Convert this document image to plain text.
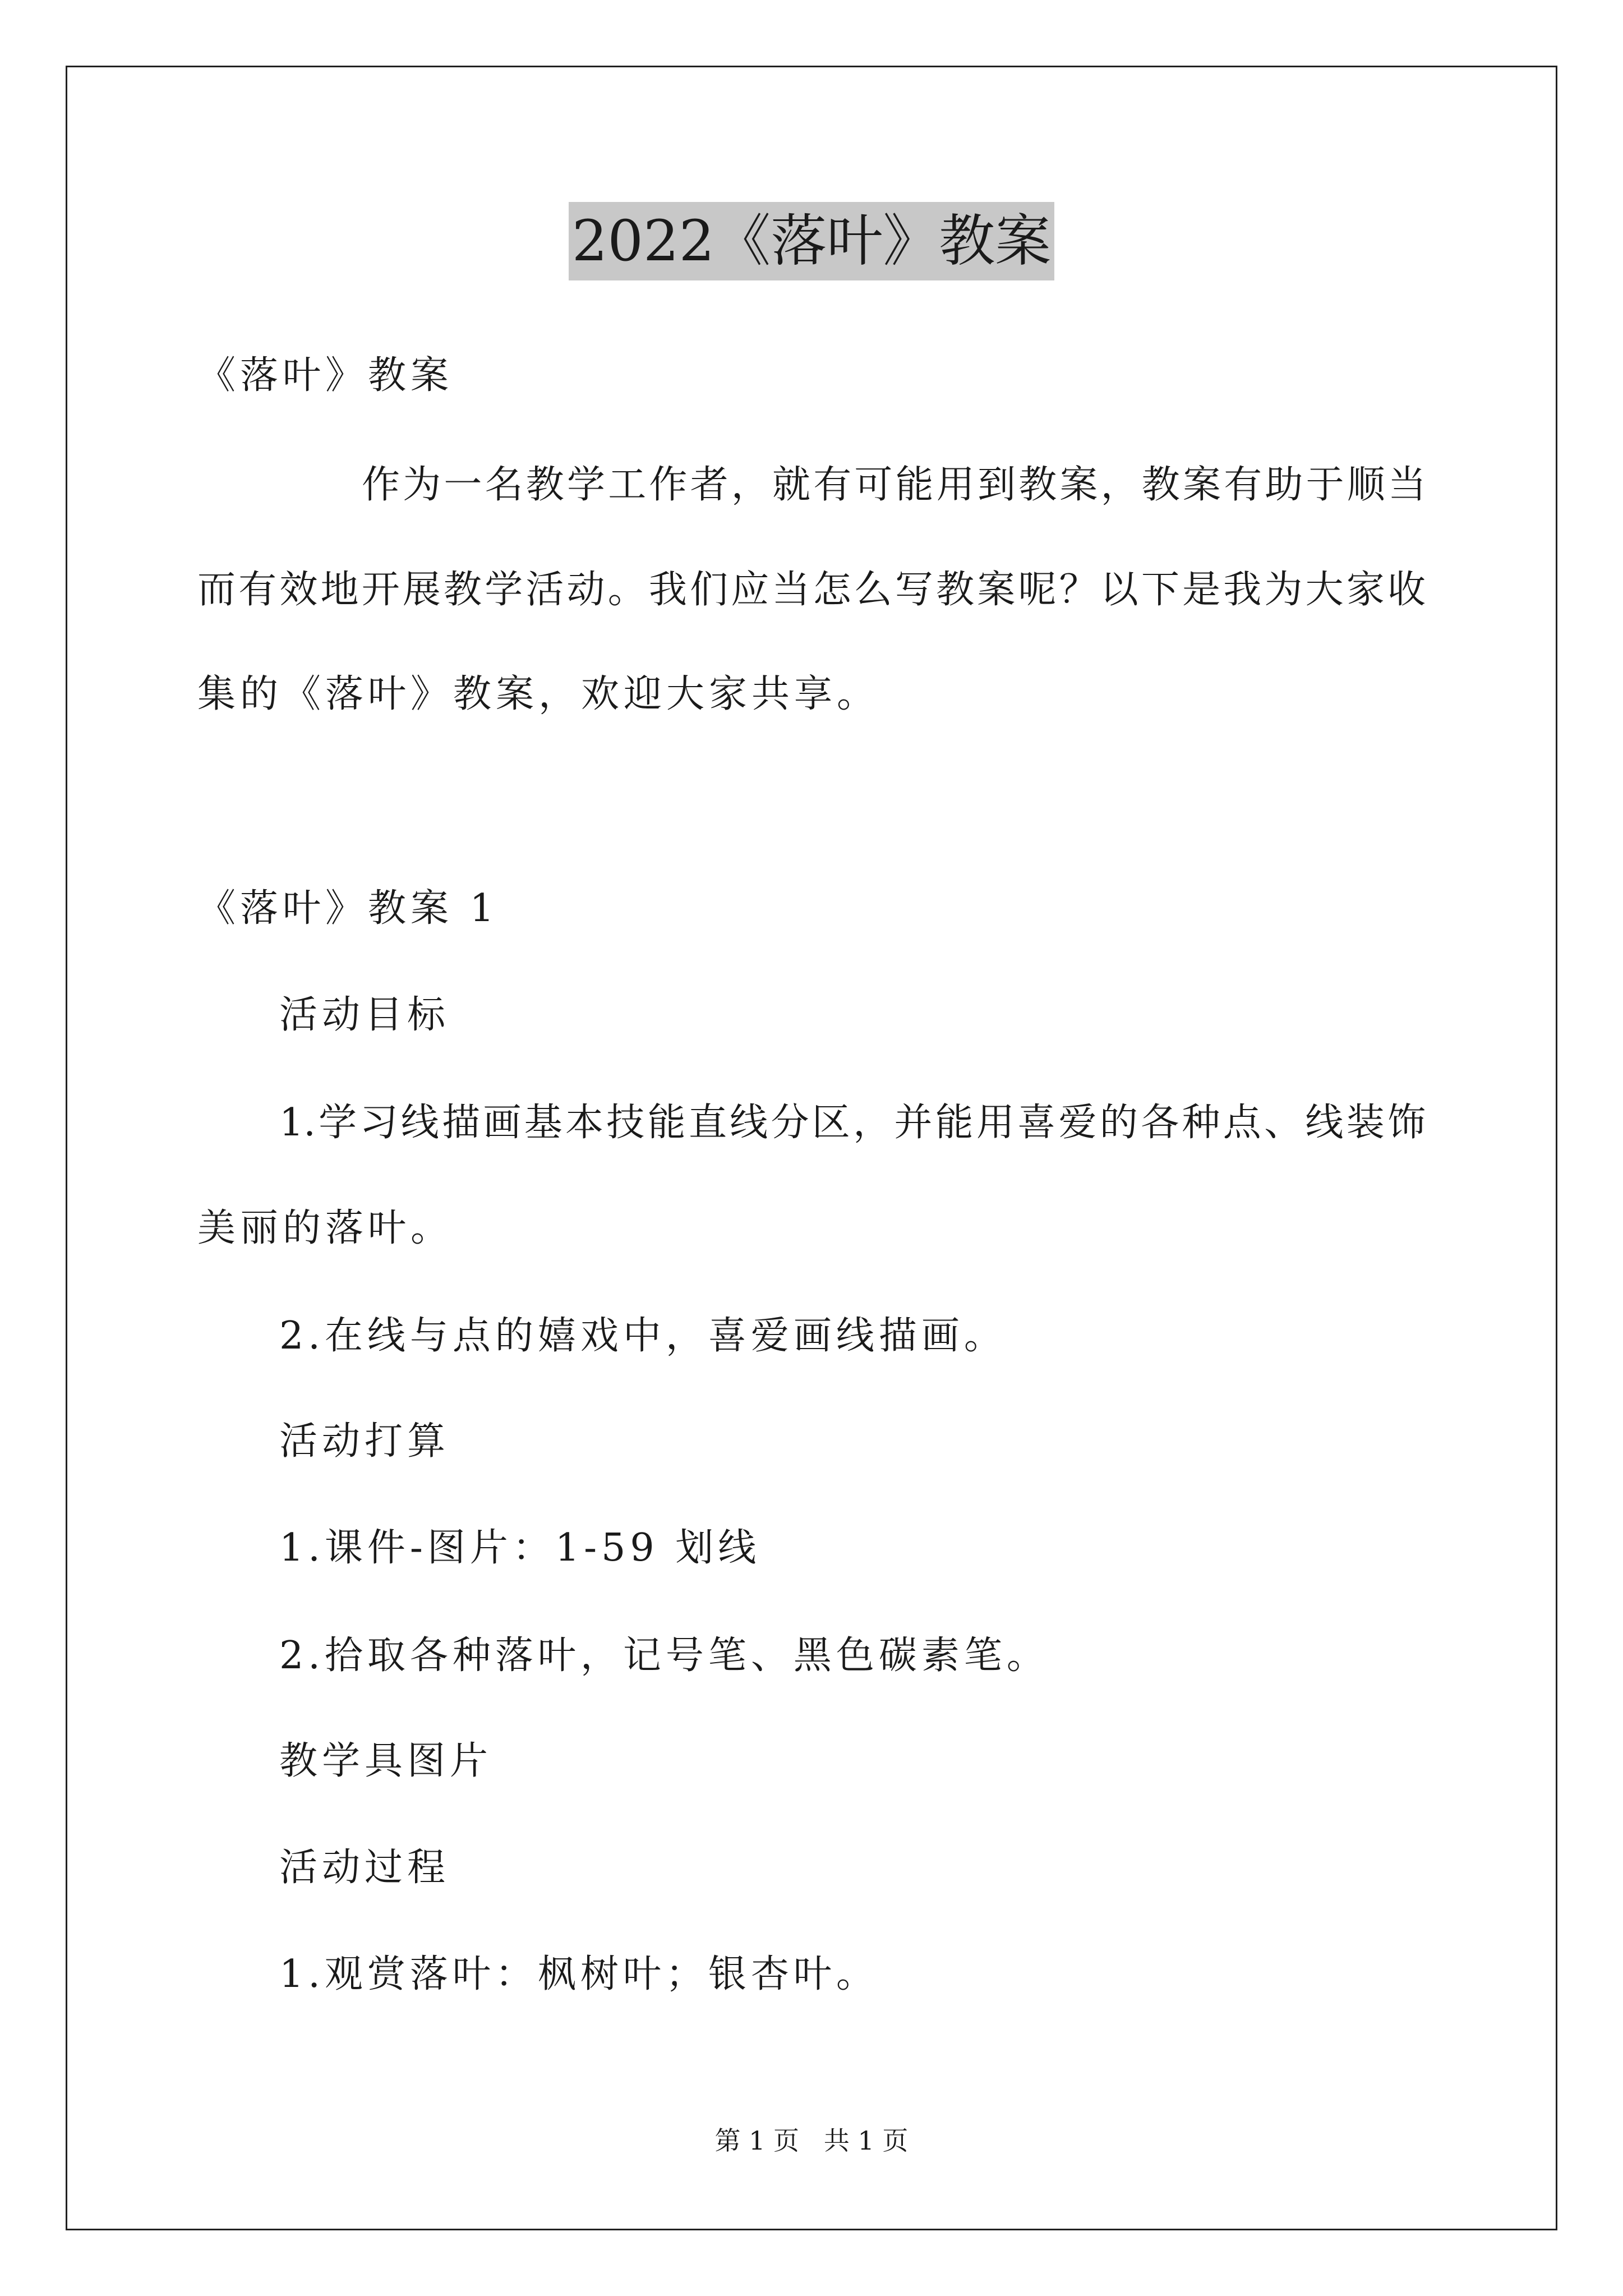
2022《落叶》教案
《落叶》教案
作为一名教学工作者，就有可能用到教案，教案有助于顺当
而有效地开展教学活动。我们应当怎么写教案呢？以下是我为大家收
集的《落叶》教案，欢迎大家共享。
《落叶》教案 1
活动目标
1.学习线描画基本技能直线分区，并能用喜爱的各种点、线装饰
美丽的落叶。
2.在线与点的嬉戏中，喜爱画线描画。
活动打算
1.课件-图片：1-59 划线
2.拾取各种落叶，记号笔、黑色碳素笔。
教学具图片
活动过程
1.观赏落叶：枫树叶；银杏叶。
第 1 页   共 1 页
